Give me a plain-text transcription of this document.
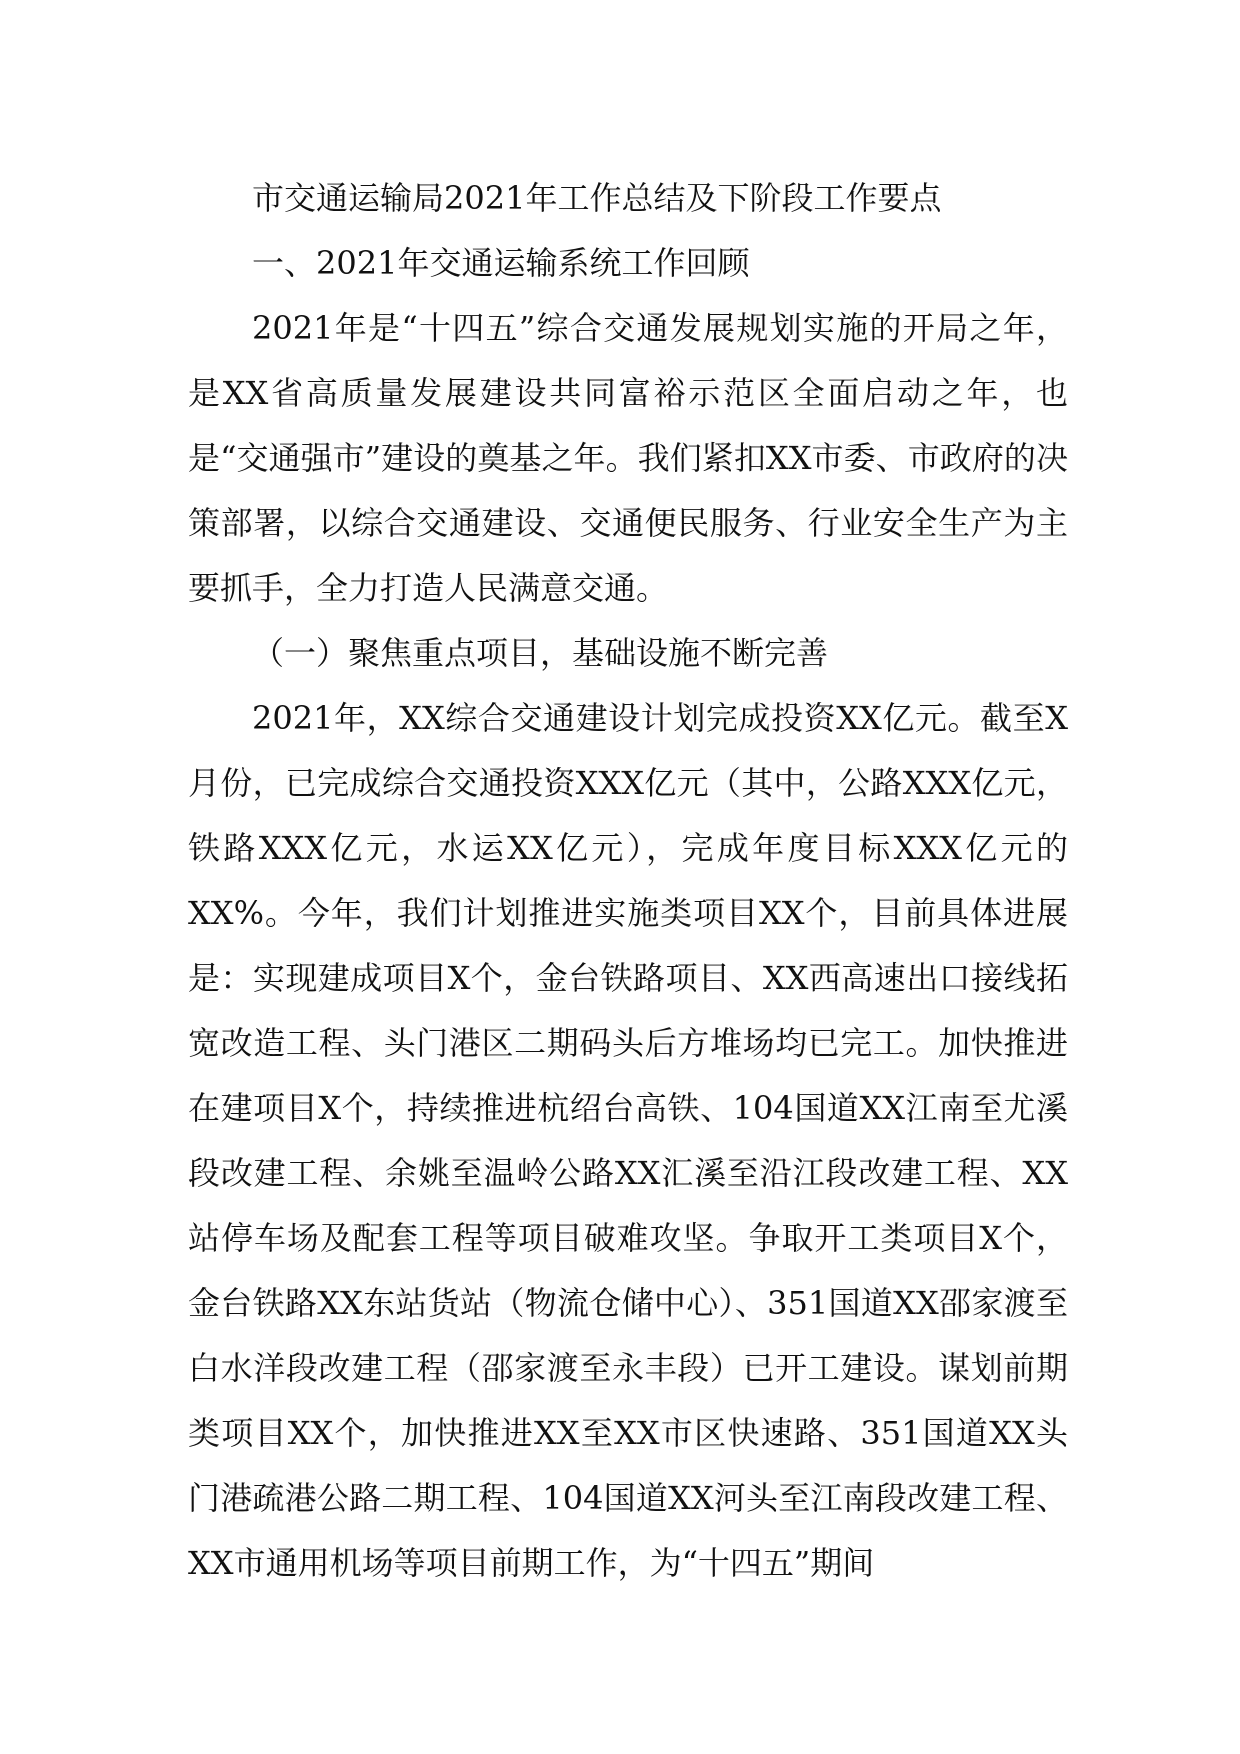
市交通运输局2021年工作总结及下阶段工作要点

一、2021年交通运输系统工作回顾

2021年是“十四五”综合交通发展规划实施的开局之年，是XX省高质量发展建设共同富裕示范区全面启动之年，也是“交通强市”建设的奠基之年。我们紧扣XX市委、市政府的决策部署，以综合交通建设、交通便民服务、行业安全生产为主要抓手，全力打造人民满意交通。

（一）聚焦重点项目，基础设施不断完善

2021年，XX综合交通建设计划完成投资XX亿元。截至X月份，已完成综合交通投资XXX亿元（其中，公路XXX亿元，铁路XXX亿元，水运XX亿元），完成年度目标XXX亿元的XX%。今年，我们计划推进实施类项目XX个，目前具体进展是：实现建成项目X个，金台铁路项目、XX西高速出口接线拓宽改造工程、头门港区二期码头后方堆场均已完工。加快推进在建项目X个，持续推进杭绍台高铁、104国道XX江南至尤溪段改建工程、余姚至温岭公路XX汇溪至沿江段改建工程、XX站停车场及配套工程等项目破难攻坚。争取开工类项目X个，金台铁路XX东站货站（物流仓储中心）、351国道XX邵家渡至白水洋段改建工程（邵家渡至永丰段）已开工建设。谋划前期类项目XX个，加快推进XX至XX市区快速路、351国道XX头门港疏港公路二期工程、104国道XX河头至江南段改建工程、XX市通用机场等项目前期工作，为“十四五”期间
